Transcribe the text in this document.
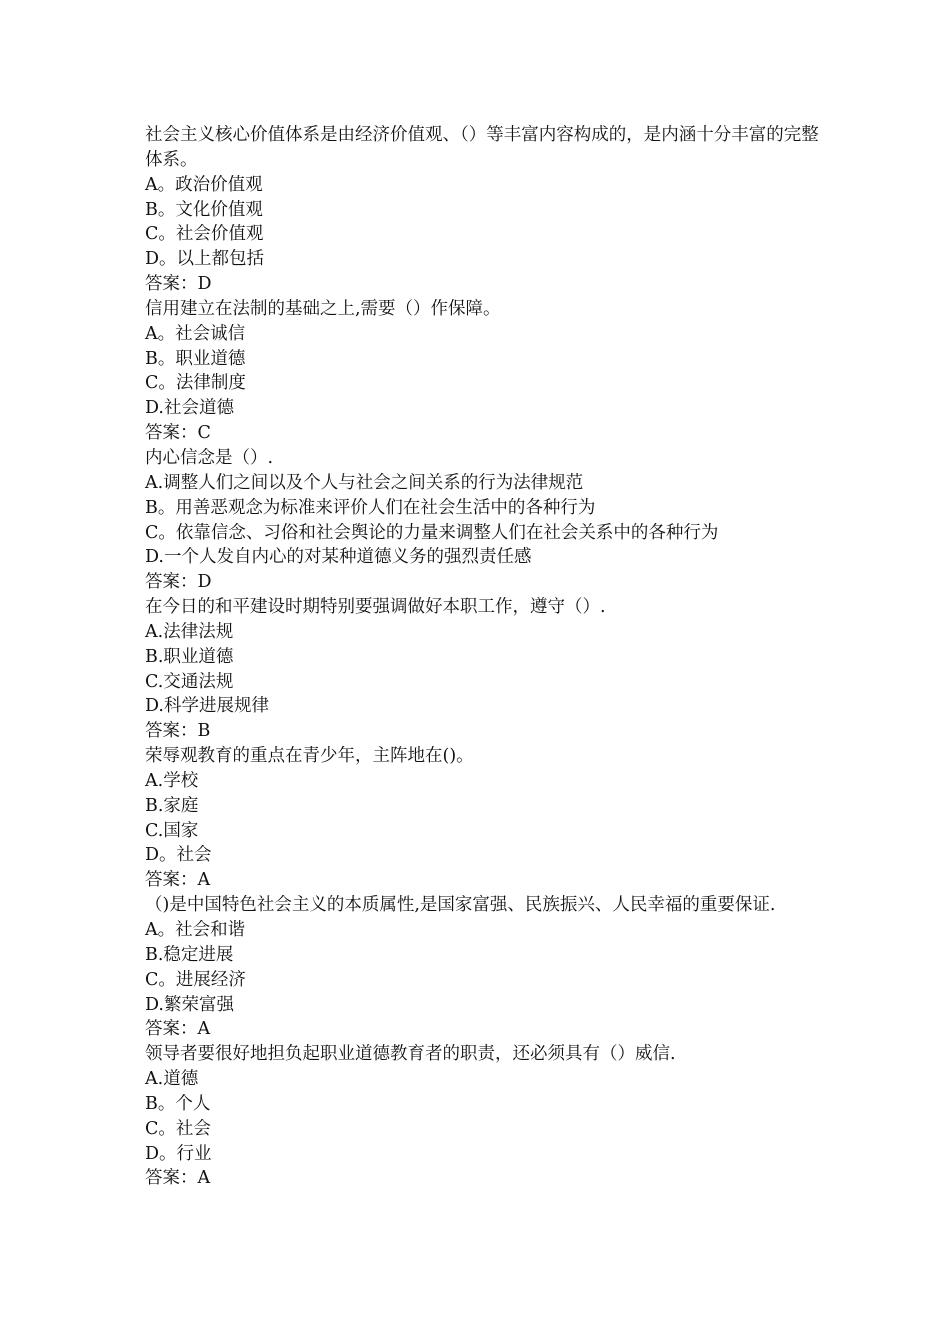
社会主义核心价值体系是由经济价值观、（）等丰富内容构成的，是内涵十分丰富的完整体系。
A。政治价值观
B。文化价值观
C。社会价值观
D。以上都包括
答案：D
信用建立在法制的基础之上,需要（）作保障。
A。社会诚信
B。职业道德
C。法律制度
D.社会道德
答案：C
内心信念是（）.
A.调整人们之间以及个人与社会之间关系的行为法律规范
B。用善恶观念为标准来评价人们在社会生活中的各种行为
C。依靠信念、习俗和社会舆论的力量来调整人们在社会关系中的各种行为
D.一个人发自内心的对某种道德义务的强烈责任感
答案：D
在今日的和平建设时期特别要强调做好本职工作，遵守（）.
A.法律法规
B.职业道德
C.交通法规
D.科学进展规律
答案：B
荣辱观教育的重点在青少年，主阵地在()。
A.学校
B.家庭
C.国家
D。社会
答案：A
（)是中国特色社会主义的本质属性,是国家富强、民族振兴、人民幸福的重要保证.
A。社会和谐
B.稳定进展
C。进展经济
D.繁荣富强
答案：A
领导者要很好地担负起职业道德教育者的职责，还必须具有（）威信.
A.道德
B。个人
C。社会
D。行业
答案：A
